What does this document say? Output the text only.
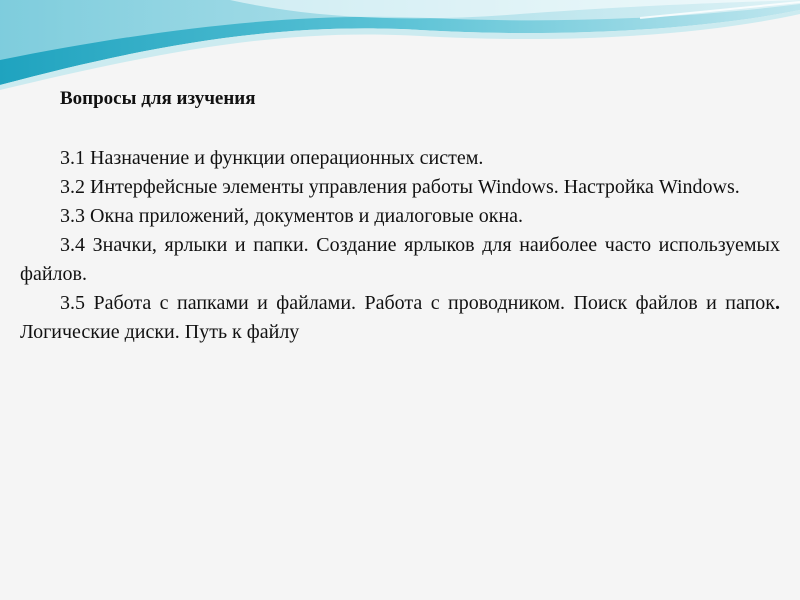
Вопросы для изучения

3.1 Назначение и функции операционных систем.

3.2 Интерфейсные элементы управления работы Windows. Настройка Windows.

3.3 Окна приложений, документов и диалоговые окна.

3.4 Значки, ярлыки и папки. Создание ярлыков для наиболее часто используемых файлов.

3.5 Работа с папками и файлами. Работа с проводником. Поиск файлов и папок. Логические диски. Путь к файлу
